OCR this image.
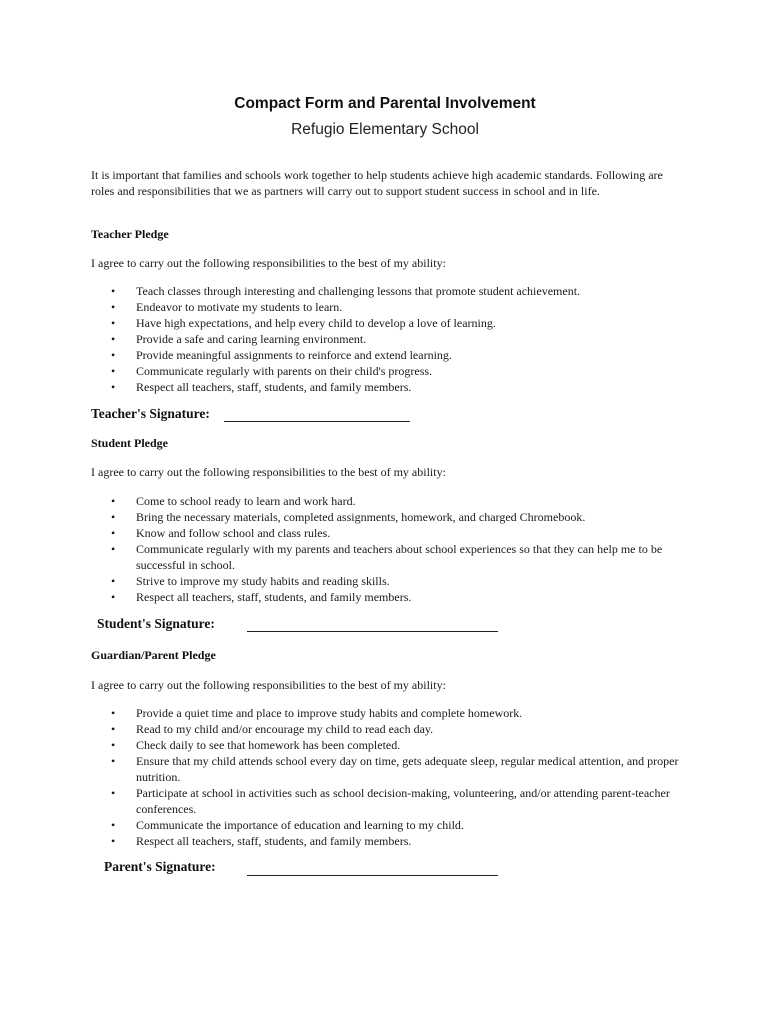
Compact Form and Parental Involvement
Refugio Elementary School
It is important that families and schools work together to help students achieve high academic standards. Following are roles and responsibilities that we as partners will carry out to support student success in school and in life.
Teacher Pledge
I agree to carry out the following responsibilities to the best of my ability:
• Teach classes through interesting and challenging lessons that promote student achievement.
• Endeavor to motivate my students to learn.
• Have high expectations, and help every child to develop a love of learning.
• Provide a safe and caring learning environment.
• Provide meaningful assignments to reinforce and extend learning.
• Communicate regularly with parents on their child's progress.
• Respect all teachers, staff, students, and family members.
Teacher's Signature:
Student Pledge
I agree to carry out the following responsibilities to the best of my ability:
• Come to school ready to learn and work hard.
• Bring the necessary materials, completed assignments, homework, and charged Chromebook.
• Know and follow school and class rules.
• Communicate regularly with my parents and teachers about school experiences so that they can help me to be successful in school.
• Strive to improve my study habits and reading skills.
• Respect all teachers, staff, students, and family members.
Student's Signature:
Guardian/Parent Pledge
I agree to carry out the following responsibilities to the best of my ability:
• Provide a quiet time and place to improve study habits and complete homework.
• Read to my child and/or encourage my child to read each day.
• Check daily to see that homework has been completed.
• Ensure that my child attends school every day on time, gets adequate sleep, regular medical attention, and proper nutrition.
• Participate at school in activities such as school decision-making, volunteering, and/or attending parent-teacher conferences.
• Communicate the importance of education and learning to my child.
• Respect all teachers, staff, students, and family members.
Parent's Signature:
